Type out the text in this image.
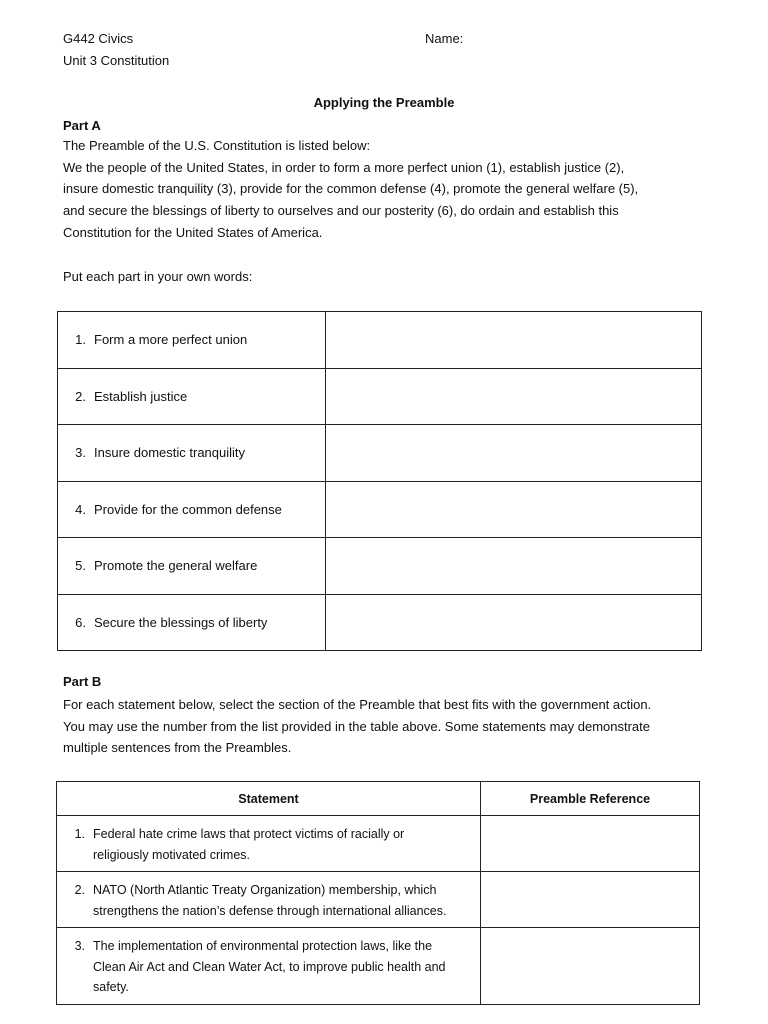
G442 Civics
Unit 3 Constitution
Name:
Applying the Preamble
Part A
The Preamble of the U.S. Constitution is listed below:
We the people of the United States, in order to form a more perfect union (1), establish justice (2),
insure domestic tranquility (3), provide for the common defense (4), promote the general welfare (5),
and secure the blessings of liberty to ourselves and our posterity (6), do ordain and establish this
Constitution for the United States of America.
Put each part in your own words:
1. Form a more perfect union	
2. Establish justice	
3. Insure domestic tranquility	
4. Provide for the common defense	
5. Promote the general welfare	
6. Secure the blessings of liberty	
Part B
For each statement below, select the section of the Preamble that best fits with the government action.
You may use the number from the list provided in the table above. Some statements may demonstrate
multiple sentences from the Preambles.
Statement	Preamble Reference

1. Federal hate crime laws that protect victims of racially or
religiously motivated crimes.	

2. NATO (North Atlantic Treaty Organization) membership, which
strengthens the nation’s defense through international alliances.	

3. The implementation of environmental protection laws, like the
Clean Air Act and Clean Water Act, to improve public health and
safety.	
